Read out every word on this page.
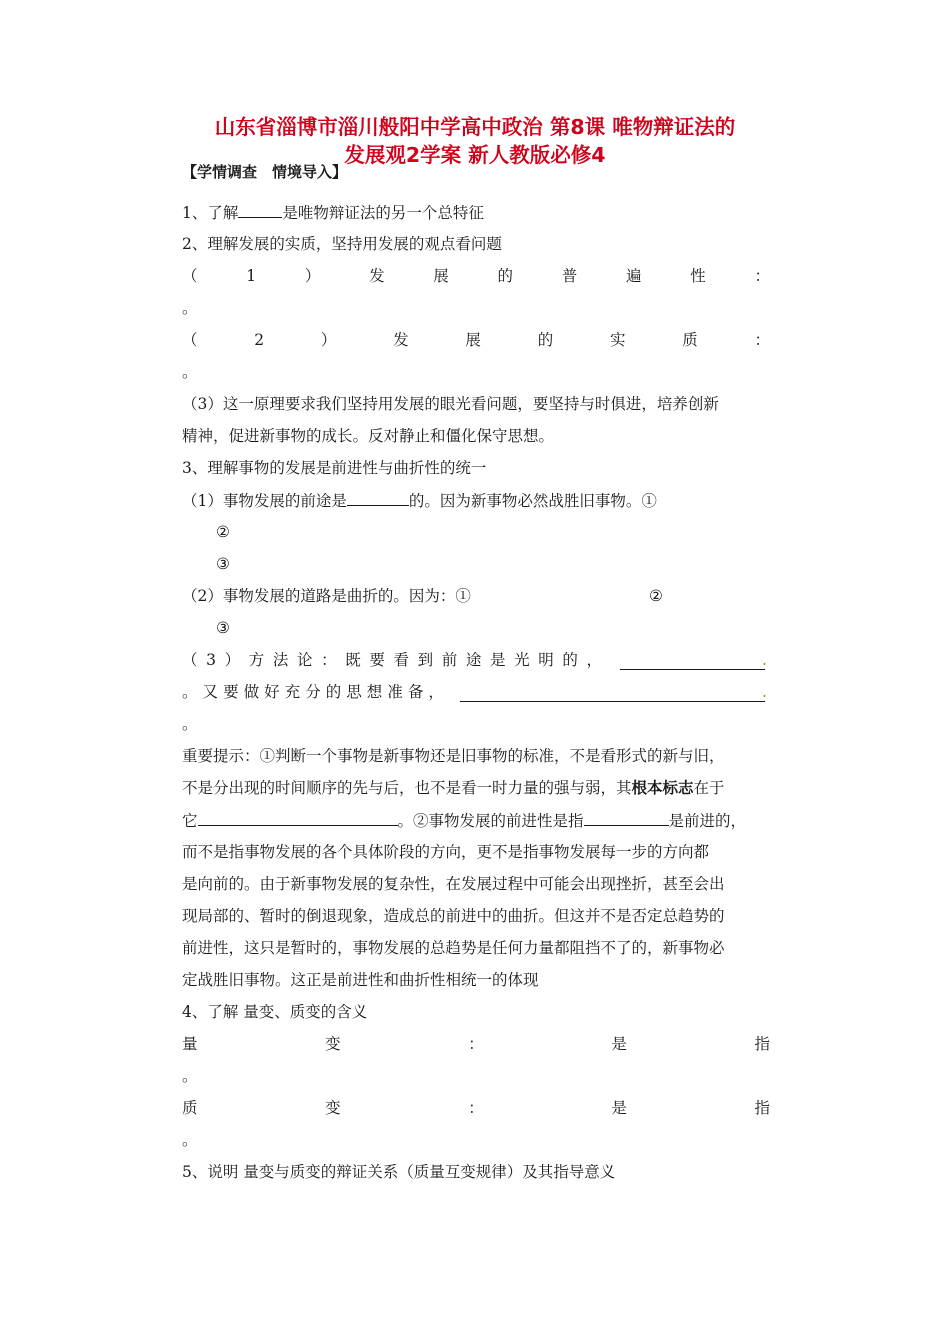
山东省淄博市淄川般阳中学高中政治 第8课 唯物辩证法的
发展观2学案 新人教版必修4
【学情调查　情境导入】
1、了解	是唯物辩证法的另一个总特征
2、理解发展的实质，坚持用发展的观点看问题
（	1	）	发	展	的	普	遍	性	：
。
（	2	）	发	展	的	实	质	：
。
（3）这一原理要求我们坚持用发展的眼光看问题，要坚持与时俱进，培养创新
精神，促进新事物的成长。反对静止和僵化保守思想。
3、理解事物的发展是前进性与曲折性的统一
（1）事物发展的前途是	的。因为新事物必然战胜旧事物。①
②
③
（2）事物发展的道路是曲折的。因为：①	②
③
（ 3 ） 方 法 论 ： 既 要 看 到 前 途 是 光 明 的 ，	.
。 又 要 做 好 充 分 的 思 想 准 备 ，	.
。
重要提示：①判断一个事物是新事物还是旧事物的标准，不是看形式的新与旧，
不是分出现的时间顺序的先与后，也不是看一时力量的强与弱，其根本标志在于
它	。②事物发展的前进性是指	是前进的，
而不是指事物发展的各个具体阶段的方向，更不是指事物发展每一步的方向都
是向前的。由于新事物发展的复杂性，在发展过程中可能会出现挫折，甚至会出
现局部的、暂时的倒退现象，造成总的前进中的曲折。但这并不是否定总趋势的
前进性，这只是暂时的，事物发展的总趋势是任何力量都阻挡不了的，新事物必
定战胜旧事物。这正是前进性和曲折性相统一的体现
4、了解 量变、质变的含义
量	变	：	是	指
。
质	变	：	是	指
。
5、说明 量变与质变的辩证关系（质量互变规律）及其指导意义
